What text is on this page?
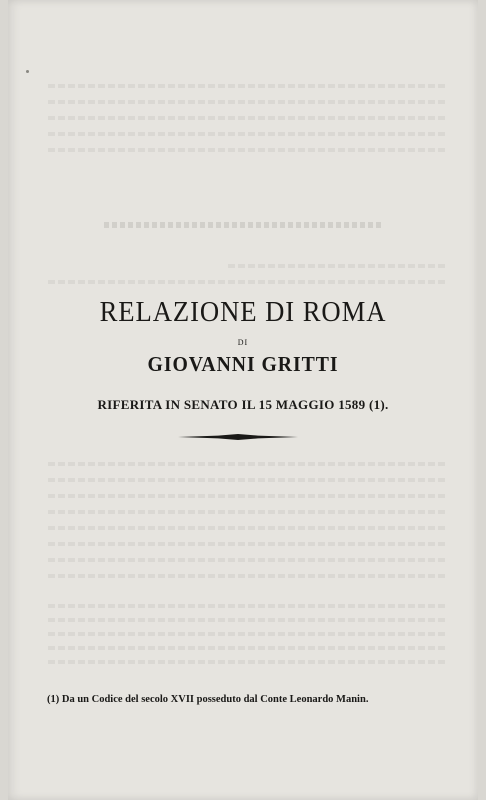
RELAZIONE DI ROMA
DI
GIOVANNI GRITTI
RIFERITA IN SENATO IL 15 MAGGIO 1589 (1).
(1) Da un Codice del secolo XVII posseduto dal Conte Leonardo Manin.
